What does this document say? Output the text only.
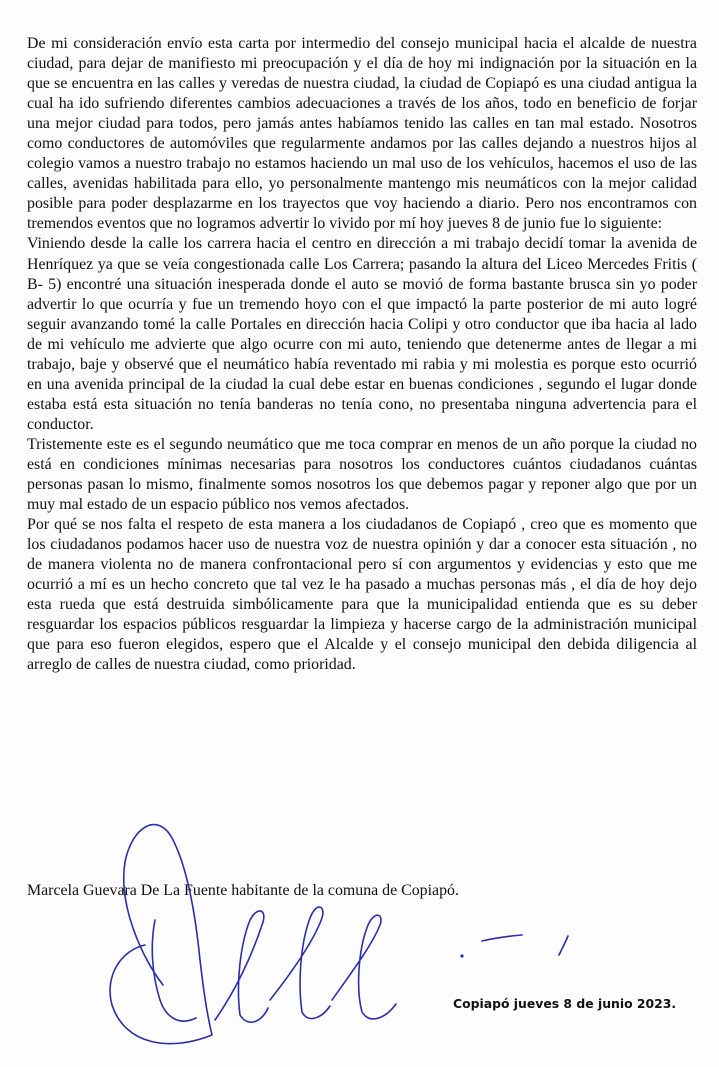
De mi consideración envío esta carta por intermedio del consejo municipal hacia el alcalde de nuestra ciudad, para dejar de manifiesto mi preocupación y el día de hoy mi indignación por la situación en la que se encuentra en las calles y veredas de nuestra ciudad, la ciudad de Copiapó es una ciudad antigua la cual ha ido sufriendo diferentes cambios adecuaciones a través de los años, todo en beneficio de forjar una mejor ciudad para todos, pero jamás antes habíamos tenido las calles en tan mal estado. Nosotros como conductores de automóviles que regularmente andamos por las calles dejando a nuestros hijos al colegio vamos a nuestro trabajo no estamos haciendo un mal uso de los vehículos, hacemos el uso de las calles, avenidas habilitada para ello, yo personalmente mantengo mis neumáticos con la mejor calidad posible para poder desplazarme en los trayectos que voy haciendo a diario. Pero nos encontramos con tremendos eventos que no logramos advertir lo vivido por mí hoy jueves 8 de junio fue lo siguiente:

Viniendo desde la calle los carrera hacia el centro en dirección a mi trabajo decidí tomar la avenida de Henríquez ya que se veía congestionada calle Los Carrera; pasando la altura del Liceo Mercedes Fritis ( B- 5) encontré una situación inesperada donde el auto se movió de forma bastante brusca sin yo poder advertir lo que ocurría y fue un tremendo hoyo con el que impactó la parte posterior de mi auto logré seguir avanzando tomé la calle Portales en dirección hacia Colipi y otro conductor que iba hacia al lado de mi vehículo me advierte que algo ocurre con mi auto, teniendo que detenerme antes de llegar a mi trabajo, baje y observé que el neumático había reventado mi rabia y mi molestia es porque esto ocurrió en una avenida principal de la ciudad la cual debe estar en buenas condiciones , segundo el lugar donde estaba está esta situación no tenía banderas no tenía cono, no presentaba ninguna advertencia para el conductor.

Tristemente este es el segundo neumático que me toca comprar en menos de un año porque la ciudad no está en condiciones mínimas necesarias para nosotros los conductores cuántos ciudadanos cuántas personas pasan lo mismo, finalmente somos nosotros los que debemos pagar y reponer algo que por un muy mal estado de un espacio público nos vemos afectados.

Por qué se nos falta el respeto de esta manera a los ciudadanos de Copiapó , creo que es momento que los ciudadanos podamos hacer uso de nuestra voz de nuestra opinión y dar a conocer esta situación , no de manera violenta no de manera confrontacional pero sí con argumentos y evidencias y esto que me ocurrió a mí es un hecho concreto que tal vez le ha pasado a muchas personas más , el día de hoy dejo esta rueda que está destruida simbólicamente para que la municipalidad entienda que es su deber resguardar los espacios públicos resguardar la limpieza y hacerse cargo de la administración municipal que para eso fueron elegidos, espero que el Alcalde y el consejo municipal den debida diligencia al arreglo de calles de nuestra ciudad, como prioridad.

Marcela Guevara De La Fuente habitante de la comuna de Copiapó.
Copiapó jueves 8 de junio 2023.
